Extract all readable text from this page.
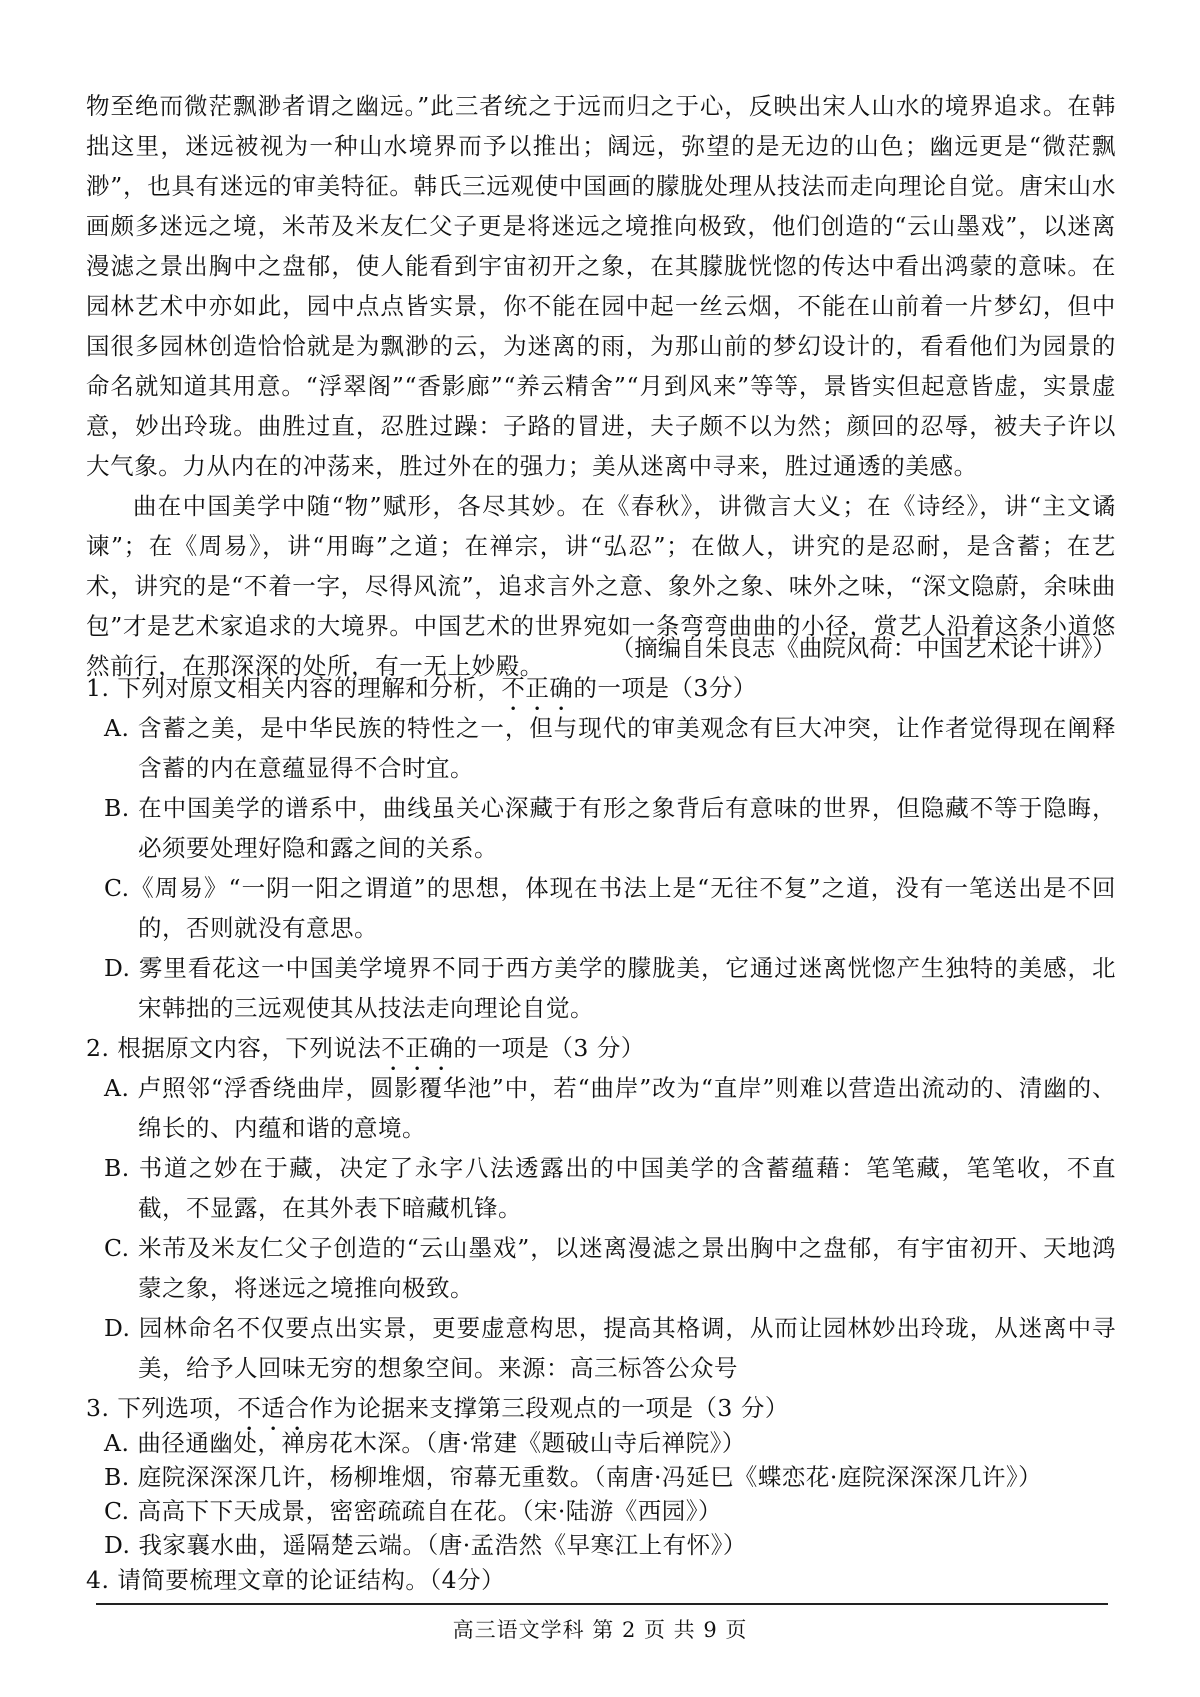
物至绝而微茫飘渺者谓之幽远。”此三者统之于远而归之于心，反映出宋人山水的境界追求。在韩拙这里，迷远被视为一种山水境界而予以推出；阔远，弥望的是无边的山色；幽远更是“微茫飘渺”，也具有迷远的审美特征。韩氏三远观使中国画的朦胧处理从技法而走向理论自觉。唐宋山水画颇多迷远之境，米芾及米友仁父子更是将迷远之境推向极致，他们创造的“云山墨戏”，以迷离漫滤之景出胸中之盘郁，使人能看到宇宙初开之象，在其朦胧恍惚的传达中看出鸿蒙的意味。在园林艺术中亦如此，园中点点皆实景，你不能在园中起一丝云烟，不能在山前着一片梦幻，但中国很多园林创造恰恰就是为飘渺的云，为迷离的雨，为那山前的梦幻设计的，看看他们为园景的命名就知道其用意。“浮翠阁”“香影廊”“养云精舍”“月到风来”等等，景皆实但起意皆虚，实景虚意，妙出玲珑。曲胜过直，忍胜过躁：子路的冒进，夫子颇不以为然；颜回的忍辱，被夫子许以大气象。力从内在的冲荡来，胜过外在的强力；美从迷离中寻来，胜过通透的美感。

曲在中国美学中随“物”赋形，各尽其妙。在《春秋》，讲微言大义；在《诗经》，讲“主文谲谏”；在《周易》，讲“用晦”之道；在禅宗，讲“弘忍”；在做人，讲究的是忍耐，是含蓄；在艺术，讲究的是“不着一字，尽得风流”，追求言外之意、象外之象、味外之味，“深文隐蔚，余味曲包”才是艺术家追求的大境界。中国艺术的世界宛如一条弯弯曲曲的小径，赏艺人沿着这条小道悠然前行，在那深深的处所，有一无上妙殿。

（摘编自朱良志《曲院风荷：中国艺术论十讲》）
1. 下列对原文相关内容的理解和分析，不正确的一项是（3分）
A. 含蓄之美，是中华民族的特性之一，但与现代的审美观念有巨大冲突，让作者觉得现在阐释含蓄的内在意蕴显得不合时宜。
B. 在中国美学的谱系中，曲线虽关心深藏于有形之象背后有意味的世界，但隐藏不等于隐晦，必须要处理好隐和露之间的关系。
C.《周易》“一阴一阳之谓道”的思想，体现在书法上是“无往不复”之道，没有一笔送出是不回的，否则就没有意思。
D. 雾里看花这一中国美学境界不同于西方美学的朦胧美，它通过迷离恍惚产生独特的美感，北宋韩拙的三远观使其从技法走向理论自觉。
2. 根据原文内容，下列说法不正确的一项是（3 分）
A. 卢照邻“浮香绕曲岸，圆影覆华池”中，若“曲岸”改为“直岸”则难以营造出流动的、清幽的、绵长的、内蕴和谐的意境。
B. 书道之妙在于藏，决定了永字八法透露出的中国美学的含蓄蕴藉：笔笔藏，笔笔收，不直截，不显露，在其外表下暗藏机锋。
C. 米芾及米友仁父子创造的“云山墨戏”，以迷离漫滤之景出胸中之盘郁，有宇宙初开、天地鸿蒙之象，将迷远之境推向极致。
D. 园林命名不仅要点出实景，更要虚意构思，提高其格调，从而让园林妙出玲珑，从迷离中寻美，给予人回味无穷的想象空间。来源：高三标答公众号
3. 下列选项，不适合作为论据来支撑第三段观点的一项是（3 分）
A. 曲径通幽处，禅房花木深。（唐·常建《题破山寺后禅院》）
B. 庭院深深深几许，杨柳堆烟，帘幕无重数。（南唐·冯延巳《蝶恋花·庭院深深深几许》）
C. 高高下下天成景，密密疏疏自在花。（宋·陆游《西园》）
D. 我家襄水曲，遥隔楚云端。（唐·孟浩然《早寒江上有怀》）
高三语文学科 第 2 页 共 9 页
4. 请简要梳理文章的论证结构。（4分）
